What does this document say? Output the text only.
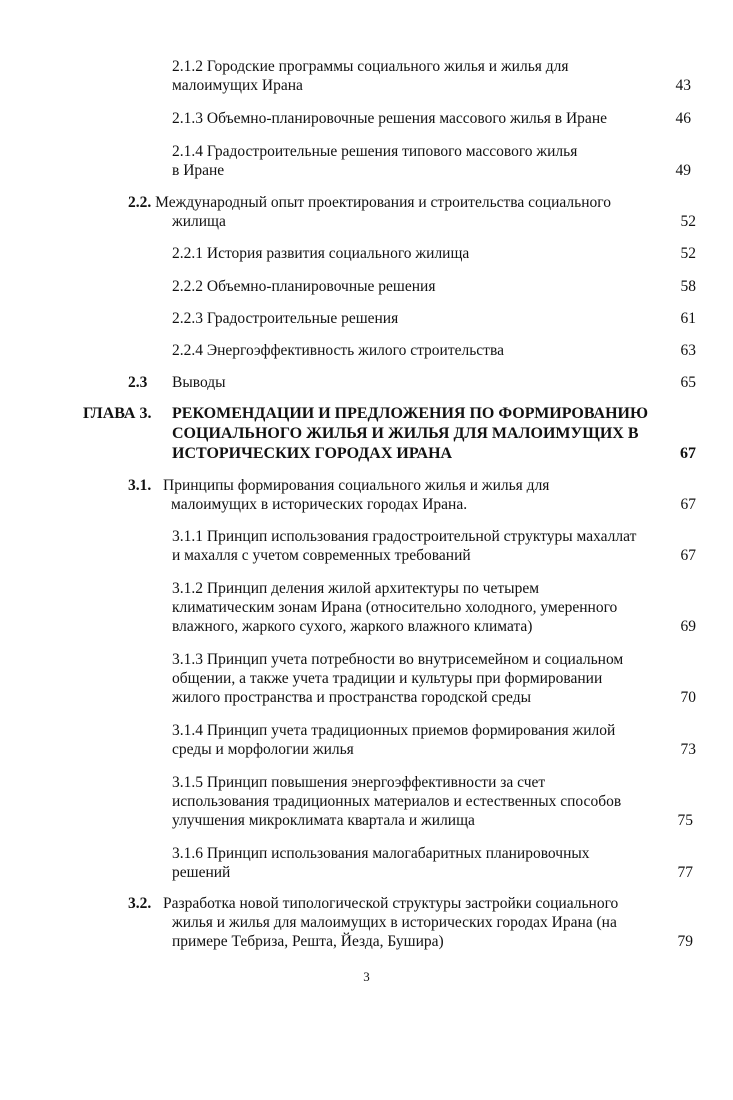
2.1.2 Городские программы социального жилья и жилья для
малоимущих Ирана	43
2.1.3 Объемно-планировочные решения массового жилья в Иране	46
2.1.4 Градостроительные решения типового массового жилья
в Иране	49
2.2. Международный опыт проектирования и строительства социального
жилища	52
2.2.1 История развития социального жилища	52
2.2.2 Объемно-планировочные решения	58
2.2.3 Градостроительные решения	61
2.2.4 Энергоэффективность жилого строительства	63
2.3 Выводы	65
ГЛАВА 3. РЕКОМЕНДАЦИИ И ПРЕДЛОЖЕНИЯ ПО ФОРМИРОВАНИЮ
СОЦИАЛЬНОГО ЖИЛЬЯ И ЖИЛЬЯ ДЛЯ МАЛОИМУЩИХ В
ИСТОРИЧЕСКИХ ГОРОДАХ ИРАНА	67
3.1. Принципы формирования социального жилья и жилья для
малоимущих в исторических городах Ирана.	67
3.1.1 Принцип использования градостроительной структуры махаллат
и махалля с учетом современных требований	67
3.1.2 Принцип деления жилой архитектуры по четырем
климатическим зонам Ирана (относительно холодного, умеренного
влажного, жаркого сухого, жаркого влажного климата)	69
3.1.3 Принцип учета потребности во внутрисемейном и социальном
общении, а также учета традиции и культуры при формировании
жилого пространства и пространства городской среды	70
3.1.4 Принцип учета традиционных приемов формирования жилой
среды и морфологии жилья	73
3.1.5 Принцип повышения энергоэффективности за счет
использования традиционных материалов и естественных способов
улучшения микроклимата квартала и жилища	75
3.1.6 Принцип использования малогабаритных планировочных
решений	77
3.2. Разработка новой типологической структуры застройки социального
жилья и жилья для малоимущих в исторических городах Ирана (на
примере Тебриза, Решта, Йезда, Бушира)	79
3
